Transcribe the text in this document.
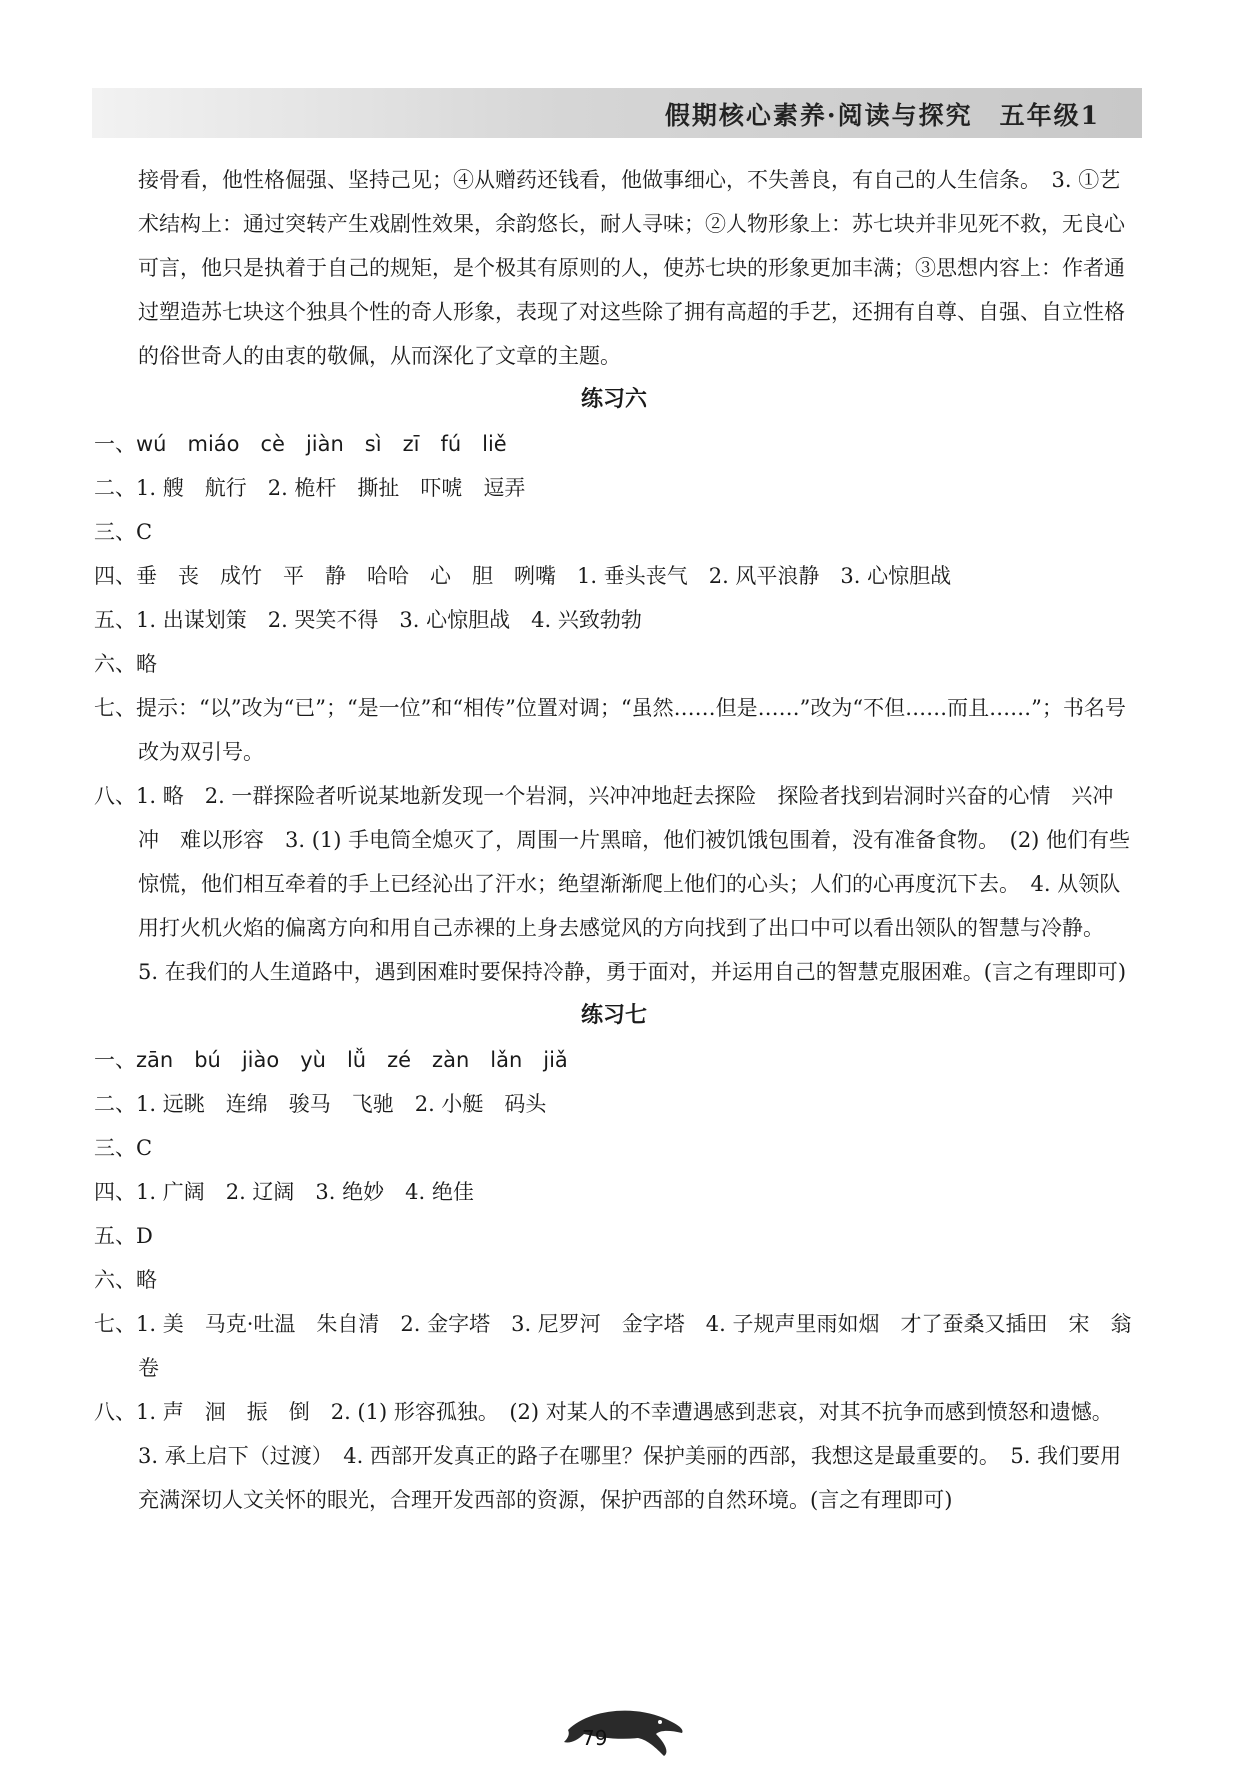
假期核心素养·阅读与探究　五年级1

接骨看，他性格倔强、坚持己见；④从赠药还钱看，他做事细心，不失善良，有自己的人生信条。　3. ①艺术结构上：通过突转产生戏剧性效果，余韵悠长，耐人寻味；②人物形象上：苏七块并非见死不救，无良心可言，他只是执着于自己的规矩，是个极其有原则的人，使苏七块的形象更加丰满；③思想内容上：作者通过塑造苏七块这个独具个性的奇人形象，表现了对这些除了拥有高超的手艺，还拥有自尊、自强、自立性格的俗世奇人的由衷的敬佩，从而深化了文章的主题。

练习六

一、wú　miáo　cè　jiàn　sì　zī　fú　liě

二、1. 艘　航行　2. 桅杆　撕扯　吓唬　逗弄

三、C

四、垂　丧　成竹　平　静　哈哈　心　胆　咧嘴　1. 垂头丧气　2. 风平浪静　3. 心惊胆战

五、1. 出谋划策　2. 哭笑不得　3. 心惊胆战　4. 兴致勃勃

六、略

七、提示：“以”改为“已”；“是一位”和“相传”位置对调；“虽然……但是……”改为“不但……而且……”；书名号改为双引号。

八、1. 略　2. 一群探险者听说某地新发现一个岩洞，兴冲冲地赶去探险　探险者找到岩洞时兴奋的心情　兴冲冲　难以形容　3. (1) 手电筒全熄灭了，周围一片黑暗，他们被饥饿包围着，没有准备食物。　(2) 他们有些惊慌，他们相互牵着的手上已经沁出了汗水；绝望渐渐爬上他们的心头；人们的心再度沉下去。　4. 从领队用打火机火焰的偏离方向和用自己赤裸的上身去感觉风的方向找到了出口中可以看出领队的智慧与冷静。　5. 在我们的人生道路中，遇到困难时要保持冷静，勇于面对，并运用自己的智慧克服困难。(言之有理即可)

练习七

一、zān　bú　jiào　yù　lǚ　zé　zàn　lǎn　jiǎ

二、1. 远眺　连绵　骏马　飞驰　2. 小艇　码头

三、C

四、1. 广阔　2. 辽阔　3. 绝妙　4. 绝佳

五、D

六、略

七、1. 美　马克·吐温　朱自清　2. 金字塔　3. 尼罗河　金字塔　4. 子规声里雨如烟　才了蚕桑又插田　宋　翁卷

八、1. 声　洄　振　倒　2. (1) 形容孤独。　(2) 对某人的不幸遭遇感到悲哀，对其不抗争而感到愤怒和遗憾。　3. 承上启下（过渡）　4. 西部开发真正的路子在哪里？保护美丽的西部，我想这是最重要的。　5. 我们要用充满深切人文关怀的眼光，合理开发西部的资源，保护西部的自然环境。(言之有理即可)

79
